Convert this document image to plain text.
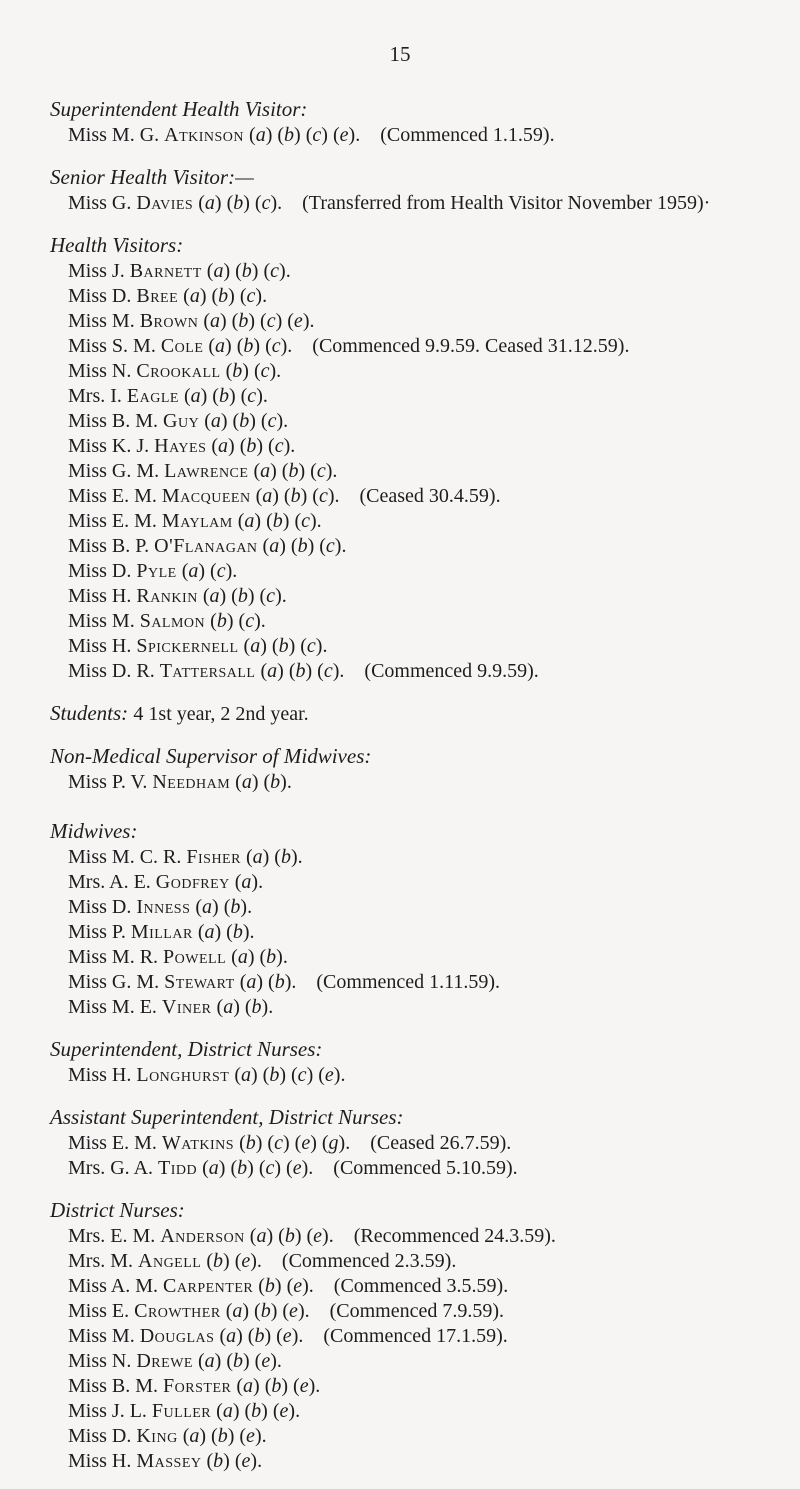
15
Superintendent Health Visitor:
Miss M. G. Atkinson (a) (b) (c) (e).  (Commenced 1.1.59).
Senior Health Visitor:—
Miss G. Davies (a) (b) (c).  (Transferred from Health Visitor November 1959)·
Health Visitors:
Miss J. Barnett (a) (b) (c).
Miss D. Bree (a) (b) (c).
Miss M. Brown (a) (b) (c) (e).
Miss S. M. Cole (a) (b) (c).  (Commenced 9.9.59. Ceased 31.12.59).
Miss N. Crookall (b) (c).
Mrs. I. Eagle (a) (b) (c).
Miss B. M. Guy (a) (b) (c).
Miss K. J. Hayes (a) (b) (c).
Miss G. M. Lawrence (a) (b) (c).
Miss E. M. Macqueen (a) (b) (c).  (Ceased 30.4.59).
Miss E. M. Maylam (a) (b) (c).
Miss B. P. O'Flanagan (a) (b) (c).
Miss D. Pyle (a) (c).
Miss H. Rankin (a) (b) (c).
Miss M. Salmon (b) (c).
Miss H. Spickernell (a) (b) (c).
Miss D. R. Tattersall (a) (b) (c).  (Commenced 9.9.59).
Students: 4 1st year, 2 2nd year.
Non-Medical Supervisor of Midwives:
Miss P. V. Needham (a) (b).
Midwives:
Miss M. C. R. Fisher (a) (b).
Mrs. A. E. Godfrey (a).
Miss D. Inness (a) (b).
Miss P. Millar (a) (b).
Miss M. R. Powell (a) (b).
Miss G. M. Stewart (a) (b).  (Commenced 1.11.59).
Miss M. E. Viner (a) (b).
Superintendent, District Nurses:
Miss H. Longhurst (a) (b) (c) (e).
Assistant Superintendent, District Nurses:
Miss E. M. Watkins (b) (c) (e) (g).  (Ceased 26.7.59).
Mrs. G. A. Tidd (a) (b) (c) (e).  (Commenced 5.10.59).
District Nurses:
Mrs. E. M. Anderson (a) (b) (e).  (Recommenced 24.3.59).
Mrs. M. Angell (b) (e).  (Commenced 2.3.59).
Miss A. M. Carpenter (b) (e).  (Commenced 3.5.59).
Miss E. Crowther (a) (b) (e).  (Commenced 7.9.59).
Miss M. Douglas (a) (b) (e).  (Commenced 17.1.59).
Miss N. Drewe (a) (b) (e).
Miss B. M. Forster (a) (b) (e).
Miss J. L. Fuller (a) (b) (e).
Miss D. King (a) (b) (e).
Miss H. Massey (b) (e).
